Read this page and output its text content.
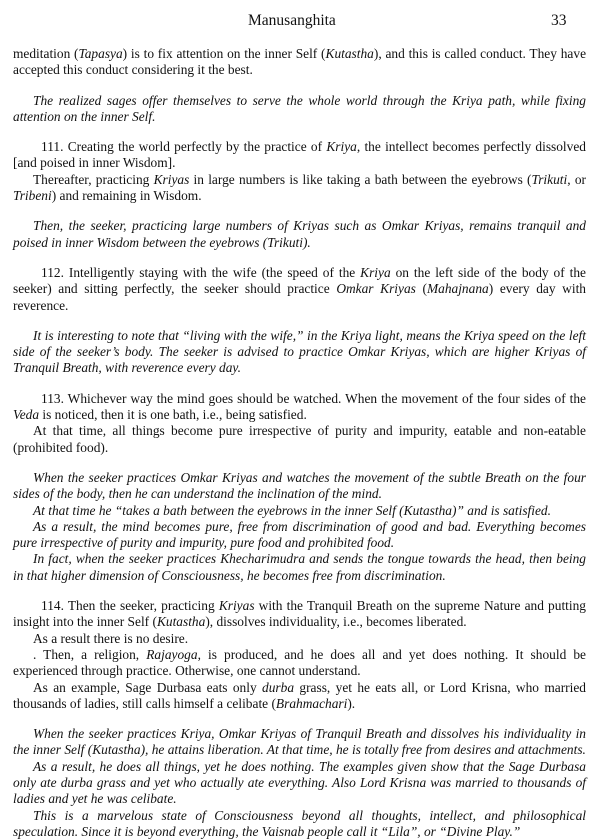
Manusanghita	33

meditation (Tapasya) is to fix attention on the inner Self (Kutastha), and this is called conduct. They have accepted this conduct considering it the best.

The realized sages offer themselves to serve the whole world through the Kriya path, while fixing attention on the inner Self.

111. Creating the world perfectly by the practice of Kriya, the intellect becomes perfectly dissolved [and poised in inner Wisdom].

Thereafter, practicing Kriyas in large numbers is like taking a bath between the eyebrows (Trikuti, or Tribeni) and remaining in Wisdom.

Then, the seeker, practicing large numbers of Kriyas such as Omkar Kriyas, remains tranquil and poised in inner Wisdom between the eyebrows (Trikuti).

112. Intelligently staying with the wife (the speed of the Kriya on the left side of the body of the seeker) and sitting perfectly, the seeker should practice Omkar Kriyas (Mahajnana) every day with reverence.

It is interesting to note that “living with the wife,” in the Kriya light, means the Kriya speed on the left side of the seeker’s body. The seeker is advised to practice Omkar Kriyas, which are higher Kriyas of Tranquil Breath, with reverence every day.

113. Whichever way the mind goes should be watched. When the movement of the four sides of the Veda is noticed, then it is one bath, i.e., being satisfied.

At that time, all things become pure irrespective of purity and impurity, eatable and non-eatable (prohibited food).

When the seeker practices Omkar Kriyas and watches the movement of the subtle Breath on the four sides of the body, then he can understand the inclination of the mind.

At that time he “takes a bath between the eyebrows in the inner Self (Kutastha)” and is satisfied.

As a result, the mind becomes pure, free from discrimination of good and bad. Everything becomes pure irrespective of purity and impurity, pure food and prohibited food.

In fact, when the seeker practices Khecharimudra and sends the tongue towards the head, then being in that higher dimension of Consciousness, he becomes free from discrimination.

114. Then the seeker, practicing Kriyas with the Tranquil Breath on the supreme Nature and putting insight into the inner Self (Kutastha), dissolves individuality, i.e., becomes liberated.

As a result there is no desire.

. Then, a religion, Rajayoga, is produced, and he does all and yet does nothing. It should be experienced through practice. Otherwise, one cannot understand.

As an example, Sage Durbasa eats only durba grass, yet he eats all, or Lord Krisna, who married thousands of ladies, still calls himself a celibate (Brahmachari).

When the seeker practices Kriya, Omkar Kriyas of Tranquil Breath and dissolves his individuality in the inner Self (Kutastha), he attains liberation. At that time, he is totally free from desires and attachments.

As a result, he does all things, yet he does nothing. The examples given show that the Sage Durbasa only ate durba grass and yet who actually ate everything. Also Lord Krisna was married to thousands of ladies and yet he was celibate.

This is a marvelous state of Consciousness beyond all thoughts, intellect, and philosophical speculation. Since it is beyond everything, the Vaisnab people call it “Lila”, or “Divine Play.”
